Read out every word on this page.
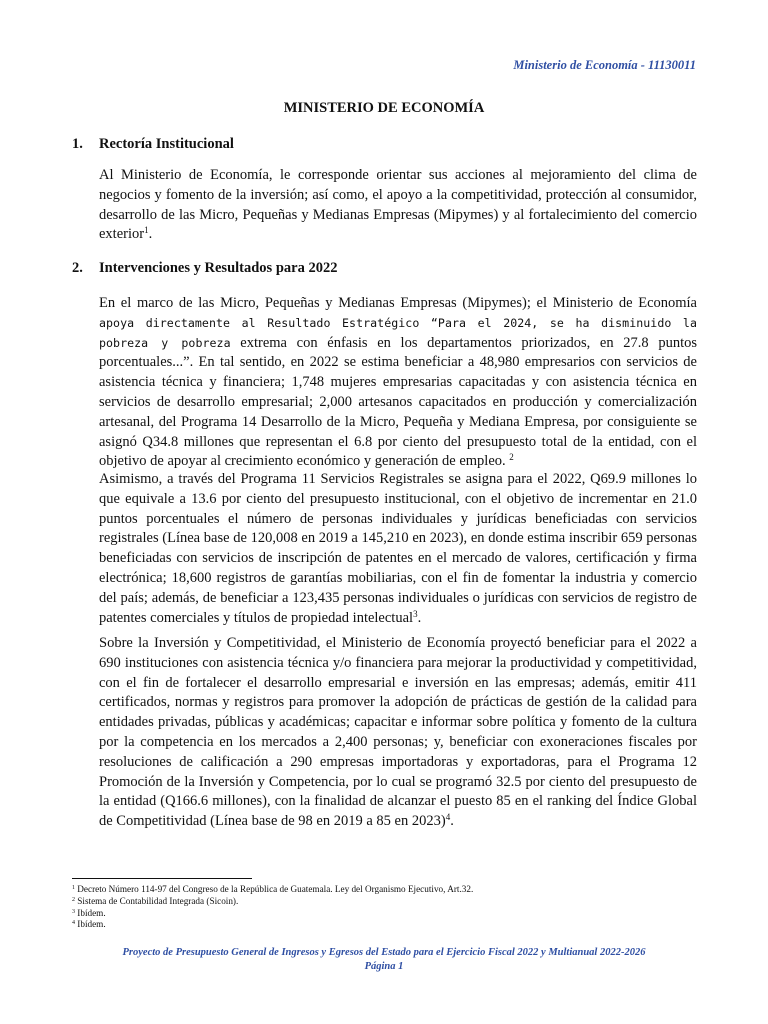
Ministerio de Economía - 11130011
MINISTERIO DE ECONOMÍA
1. Rectoría Institucional
Al Ministerio de Economía, le corresponde orientar sus acciones al mejoramiento del clima de negocios y fomento de la inversión; así como, el apoyo a la competitividad, protección al consumidor, desarrollo de las Micro, Pequeñas y Medianas Empresas (Mipymes) y al fortalecimiento del comercio exterior$^1$.
2. Intervenciones y Resultados para 2022
En el marco de las Micro, Pequeñas y Medianas Empresas (Mipymes); el Ministerio de Economía apoya directamente al Resultado Estratégico “Para el 2024, se ha disminuido la pobreza y pobreza extrema con énfasis en los departamentos priorizados, en 27.8 puntos porcentuales...”. En tal sentido, en 2022 se estima beneficiar a 48,980 empresarios con servicios de asistencia técnica y financiera; 1,748 mujeres empresarias capacitadas y con asistencia técnica en servicios de desarrollo empresarial; 2,000 artesanos capacitados en producción y comercialización artesanal, del Programa 14 Desarrollo de la Micro, Pequeña y Mediana Empresa, por consiguiente se asignó Q34.8 millones que representan el 6.8 por ciento del presupuesto total de la entidad, con el objetivo de apoyar al crecimiento económico y generación de empleo. $^2$
Asimismo, a través del Programa 11 Servicios Registrales se asigna para el 2022, Q69.9 millones lo que equivale a 13.6 por ciento del presupuesto institucional, con el objetivo de incrementar en 21.0 puntos porcentuales el número de personas individuales y jurídicas beneficiadas con servicios registrales (Línea base de 120,008 en 2019 a 145,210 en 2023), en donde estima inscribir 659 personas beneficiadas con servicios de inscripción de patentes en el mercado de valores, certificación y firma electrónica; 18,600 registros de garantías mobiliarias, con el fin de fomentar la industria y comercio del país; además, de beneficiar a 123,435 personas individuales o jurídicas con servicios de registro de patentes comerciales y títulos de propiedad intelectual$^3$.
Sobre la Inversión y Competitividad, el Ministerio de Economía proyectó beneficiar para el 2022 a 690 instituciones con asistencia técnica y/o financiera para mejorar la productividad y competitividad, con el fin de fortalecer el desarrollo empresarial e inversión en las empresas; además, emitir 411 certificados, normas y registros para promover la adopción de prácticas de gestión de la calidad para entidades privadas, públicas y académicas; capacitar e informar sobre política y fomento de la cultura por la competencia en los mercados a 2,400 personas; y, beneficiar con exoneraciones fiscales por resoluciones de calificación a 290 empresas importadoras y exportadoras, para el Programa 12 Promoción de la Inversión y Competencia, por lo cual se programó 32.5 por ciento del presupuesto de la entidad (Q166.6 millones), con la finalidad de alcanzar el puesto 85 en el ranking del Índice Global de Competitividad (Línea base de 98 en 2019 a 85 en 2023)$^4$.
$^1$ Decreto Número 114-97 del Congreso de la República de Guatemala. Ley del Organismo Ejecutivo, Art.32.
$^2$ Sistema de Contabilidad Integrada (Sicoin).
$^3$ Ibídem.
$^4$ Ibídem.
Proyecto de Presupuesto General de Ingresos y Egresos del Estado para el Ejercicio Fiscal 2022 y Multianual 2022-2026
Página 1
